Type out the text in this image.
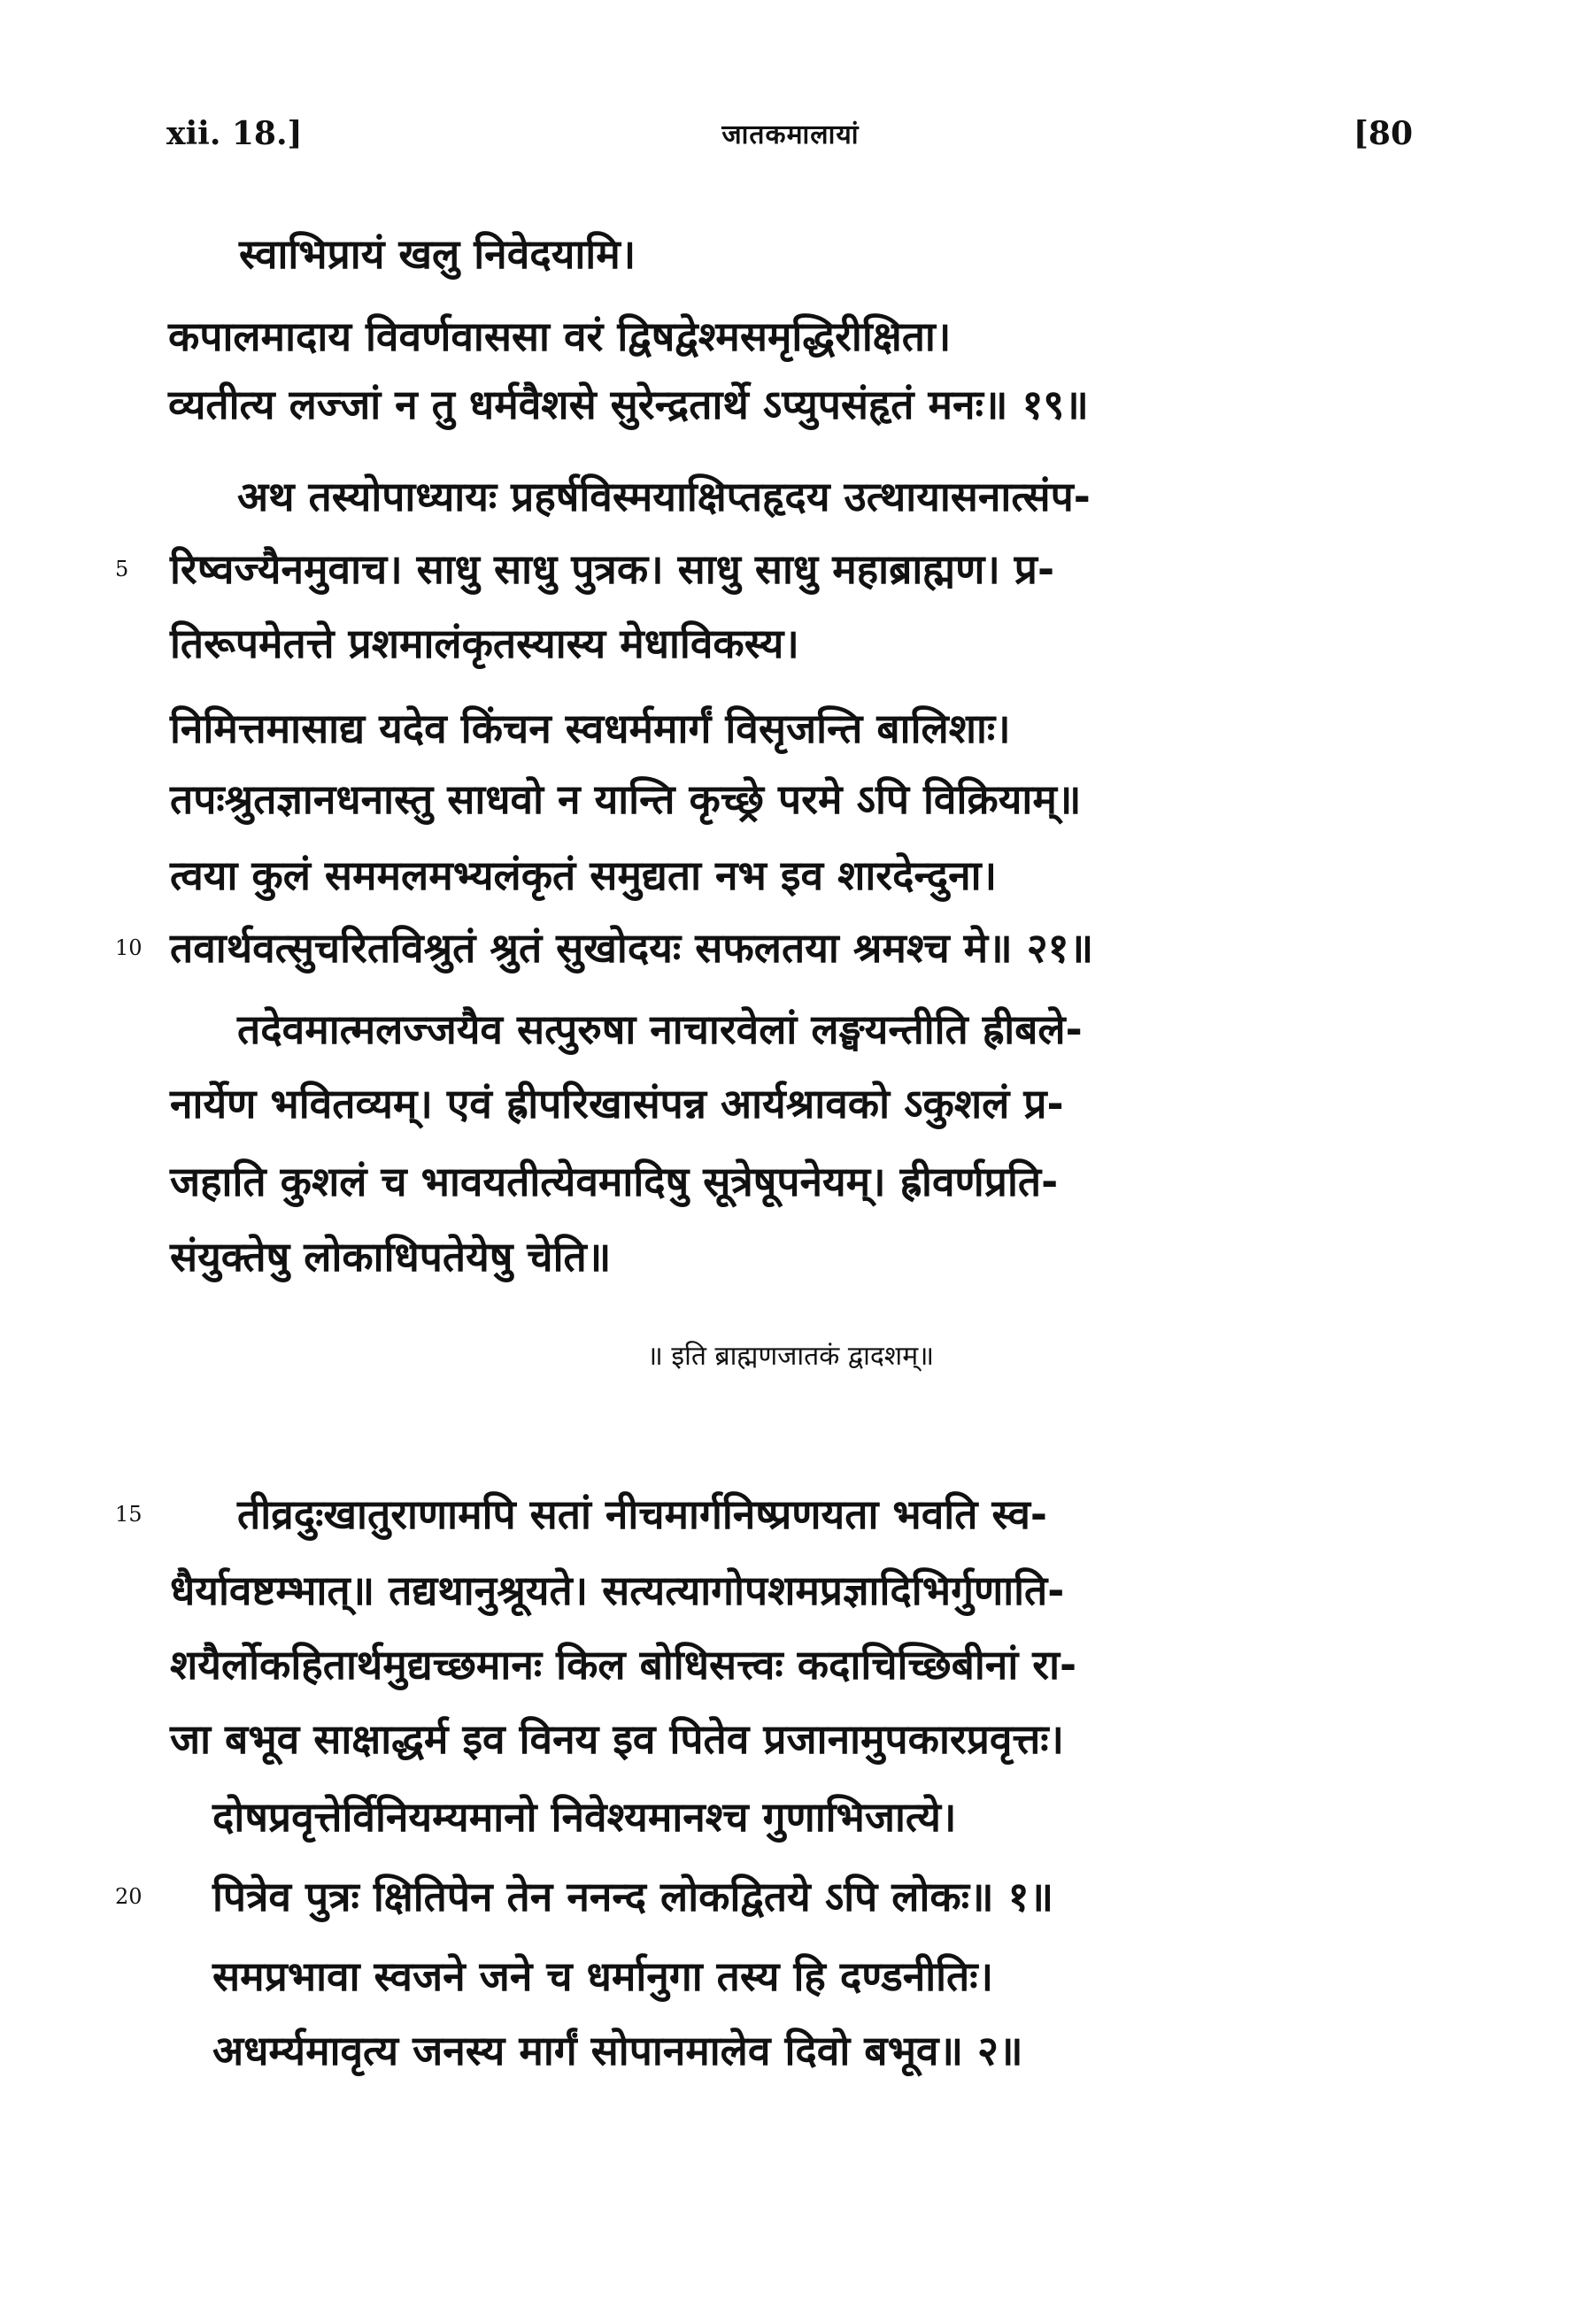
xii. 18.]	जातकमालायां	[80
स्वाभिप्रायं खलु निवेदयामि।
कपालमादाय विवर्णवाससा वरं द्विषद्वेश्मसमृद्धिरीक्षिता।
व्यतीत्य लज्जां न तु धर्मवैशसे सुरेन्द्रतार्थे ऽप्युपसंहृतं मनः॥ १९॥
अथ तस्योपाध्यायः प्रहर्षविस्मयाक्षिप्तहृदय उत्थायासनात्संप-
5 रिष्वज्यैनमुवाच। साधु साधु पुत्रक। साधु साधु महाब्राह्मण। प्र-
तिरूपमेतत्ते प्रशमालंकृतस्यास्य मेधाविकस्य।
निमित्तमासाद्य यदेव किंचन स्वधर्ममार्गं विसृजन्ति बालिशाः।
तपःश्रुतज्ञानधनास्तु साधवो न यान्ति कृच्छ्रे परमे ऽपि विक्रियाम्॥
त्वया कुलं सममलमभ्यलंकृतं समुद्यता नभ इव शारदेन्दुना।
10 तवार्थवत्सुचरितविश्रुतं श्रुतं सुखोदयः सफलतया श्रमश्च मे॥ २१॥
तदेवमात्मलज्जयैव सत्पुरुषा नाचारवेलां लङ्घयन्तीति ह्रीबले-
नार्येण भवितव्यम्। एवं ह्रीपरिखासंपन्न आर्यश्रावको ऽकुशलं प्र-
जहाति कुशलं च भावयतीत्येवमादिषु सूत्रेषूपनेयम्। ह्रीवर्णप्रति-
संयुक्तेषु लोकाधिपतेयेषु चेति॥
॥ इति ब्राह्मणजातकं द्वादशम्॥
15 तीव्रदुःखातुराणामपि सतां नीचमार्गनिष्प्रणयता भवति स्व-
धैर्यावष्टम्भात्॥ तद्यथानुश्रूयते। सत्यत्यागोपशमप्रज्ञादिभिर्गुणाति-
शयैर्लोकहितार्थमुद्यच्छमानः किल बोधिसत्त्वः कदाचिच्छिबीनां रा-
जा बभूव साक्षाद्धर्म इव विनय इव पितेव प्रजानामुपकारप्रवृत्तः।
दोषप्रवृत्तेर्विनियम्यमानो निवेश्यमानश्च गुणाभिजात्ये।
20 पित्रेव पुत्रः क्षितिपेन तेन ननन्द लोकद्वितये ऽपि लोकः॥ १॥
समप्रभावा स्वजने जने च धर्मानुगा तस्य हि दण्डनीतिः।
अधर्म्यमावृत्य जनस्य मार्गं सोपानमालेव दिवो बभूव॥ २॥
